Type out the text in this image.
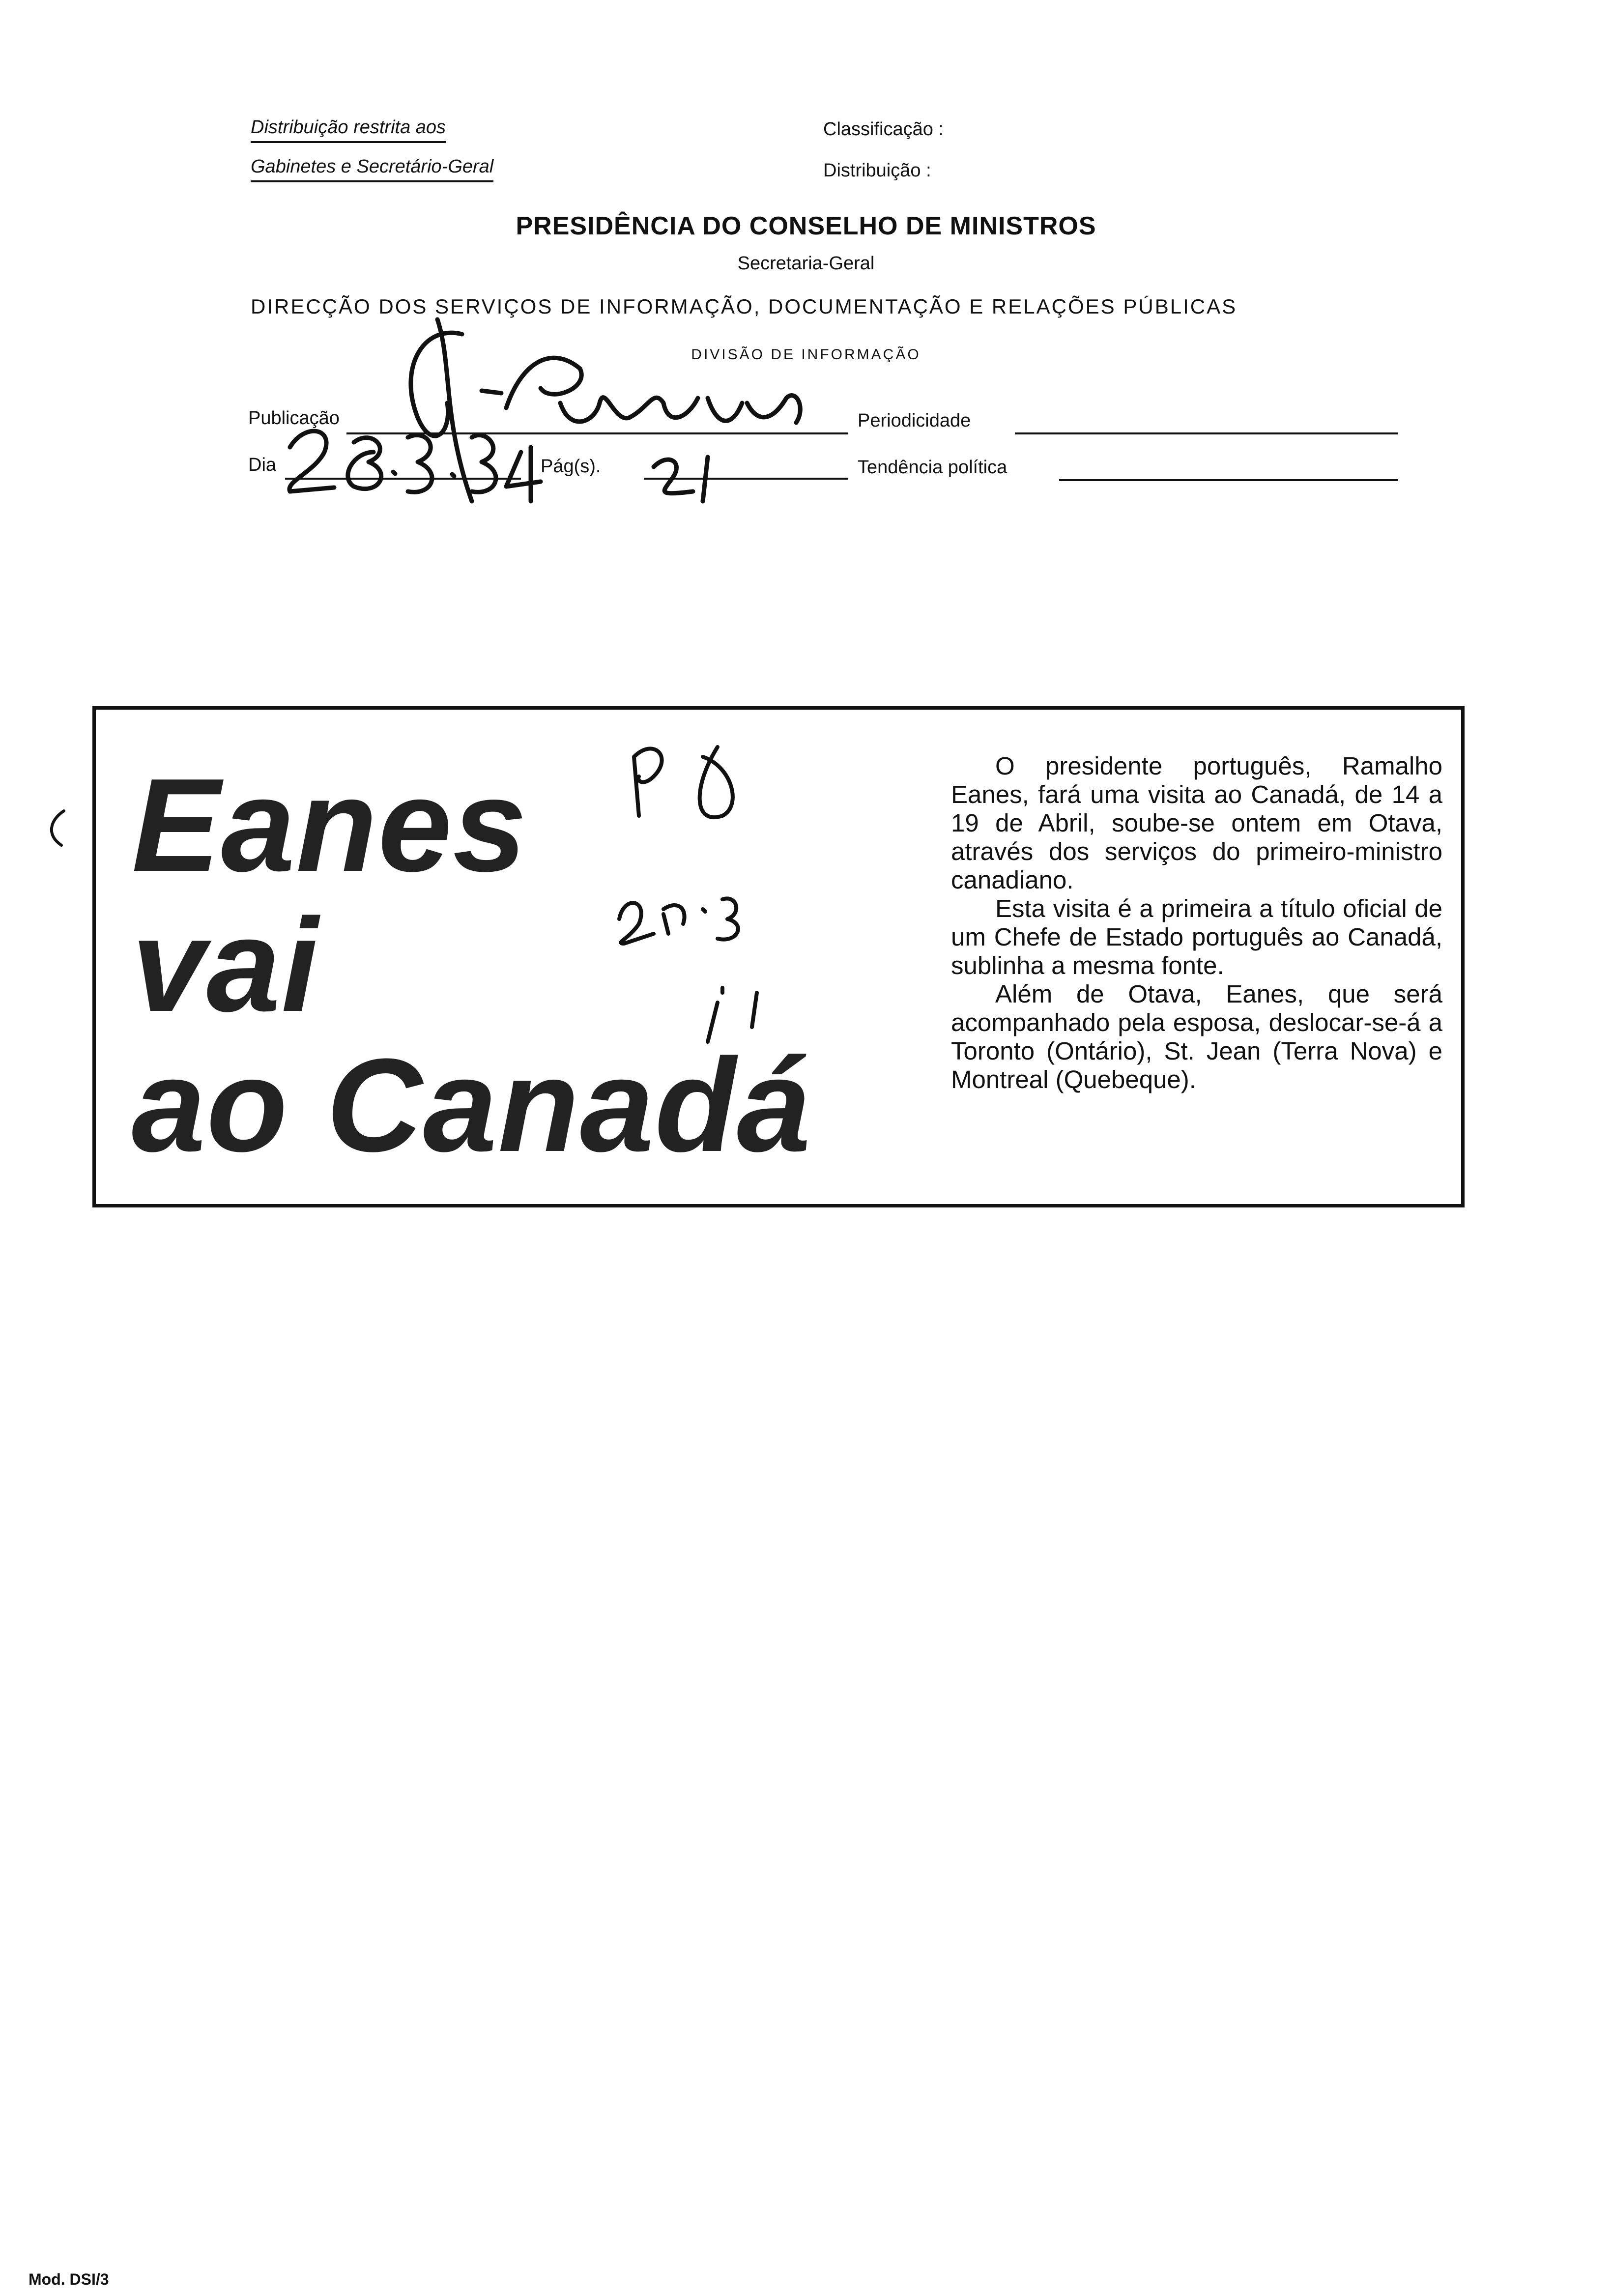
Distribuição restrita aos
Gabinetes e Secretário-Geral
Classificação :
Distribuição :
PRESIDÊNCIA DO CONSELHO DE MINISTROS
Secretaria-Geral
DIRECÇÃO DOS SERVIÇOS DE INFORMAÇÃO, DOCUMENTAÇÃO E RELAÇÕES PÚBLICAS
DIVISÃO DE INFORMAÇÃO
Publicação	Periodicidade
Dia	Pág(s).	Tendência política
Eanes
vai
ao Canadá

O presidente português, Ramalho Eanes, fará uma visita ao Canadá, de 14 a 19 de Abril, soube-se ontem em Otava, através dos serviços do primeiro-ministro canadiano.

Esta visita é a primeira a título oficial de um Chefe de Estado português ao Canadá, sublinha a mesma fonte.

Além de Otava, Eanes, que será acompanhado pela esposa, deslocar-se-á a Toronto (Ontário), St. Jean (Terra Nova) e Montreal (Quebeque).

Mod. DSI/3
